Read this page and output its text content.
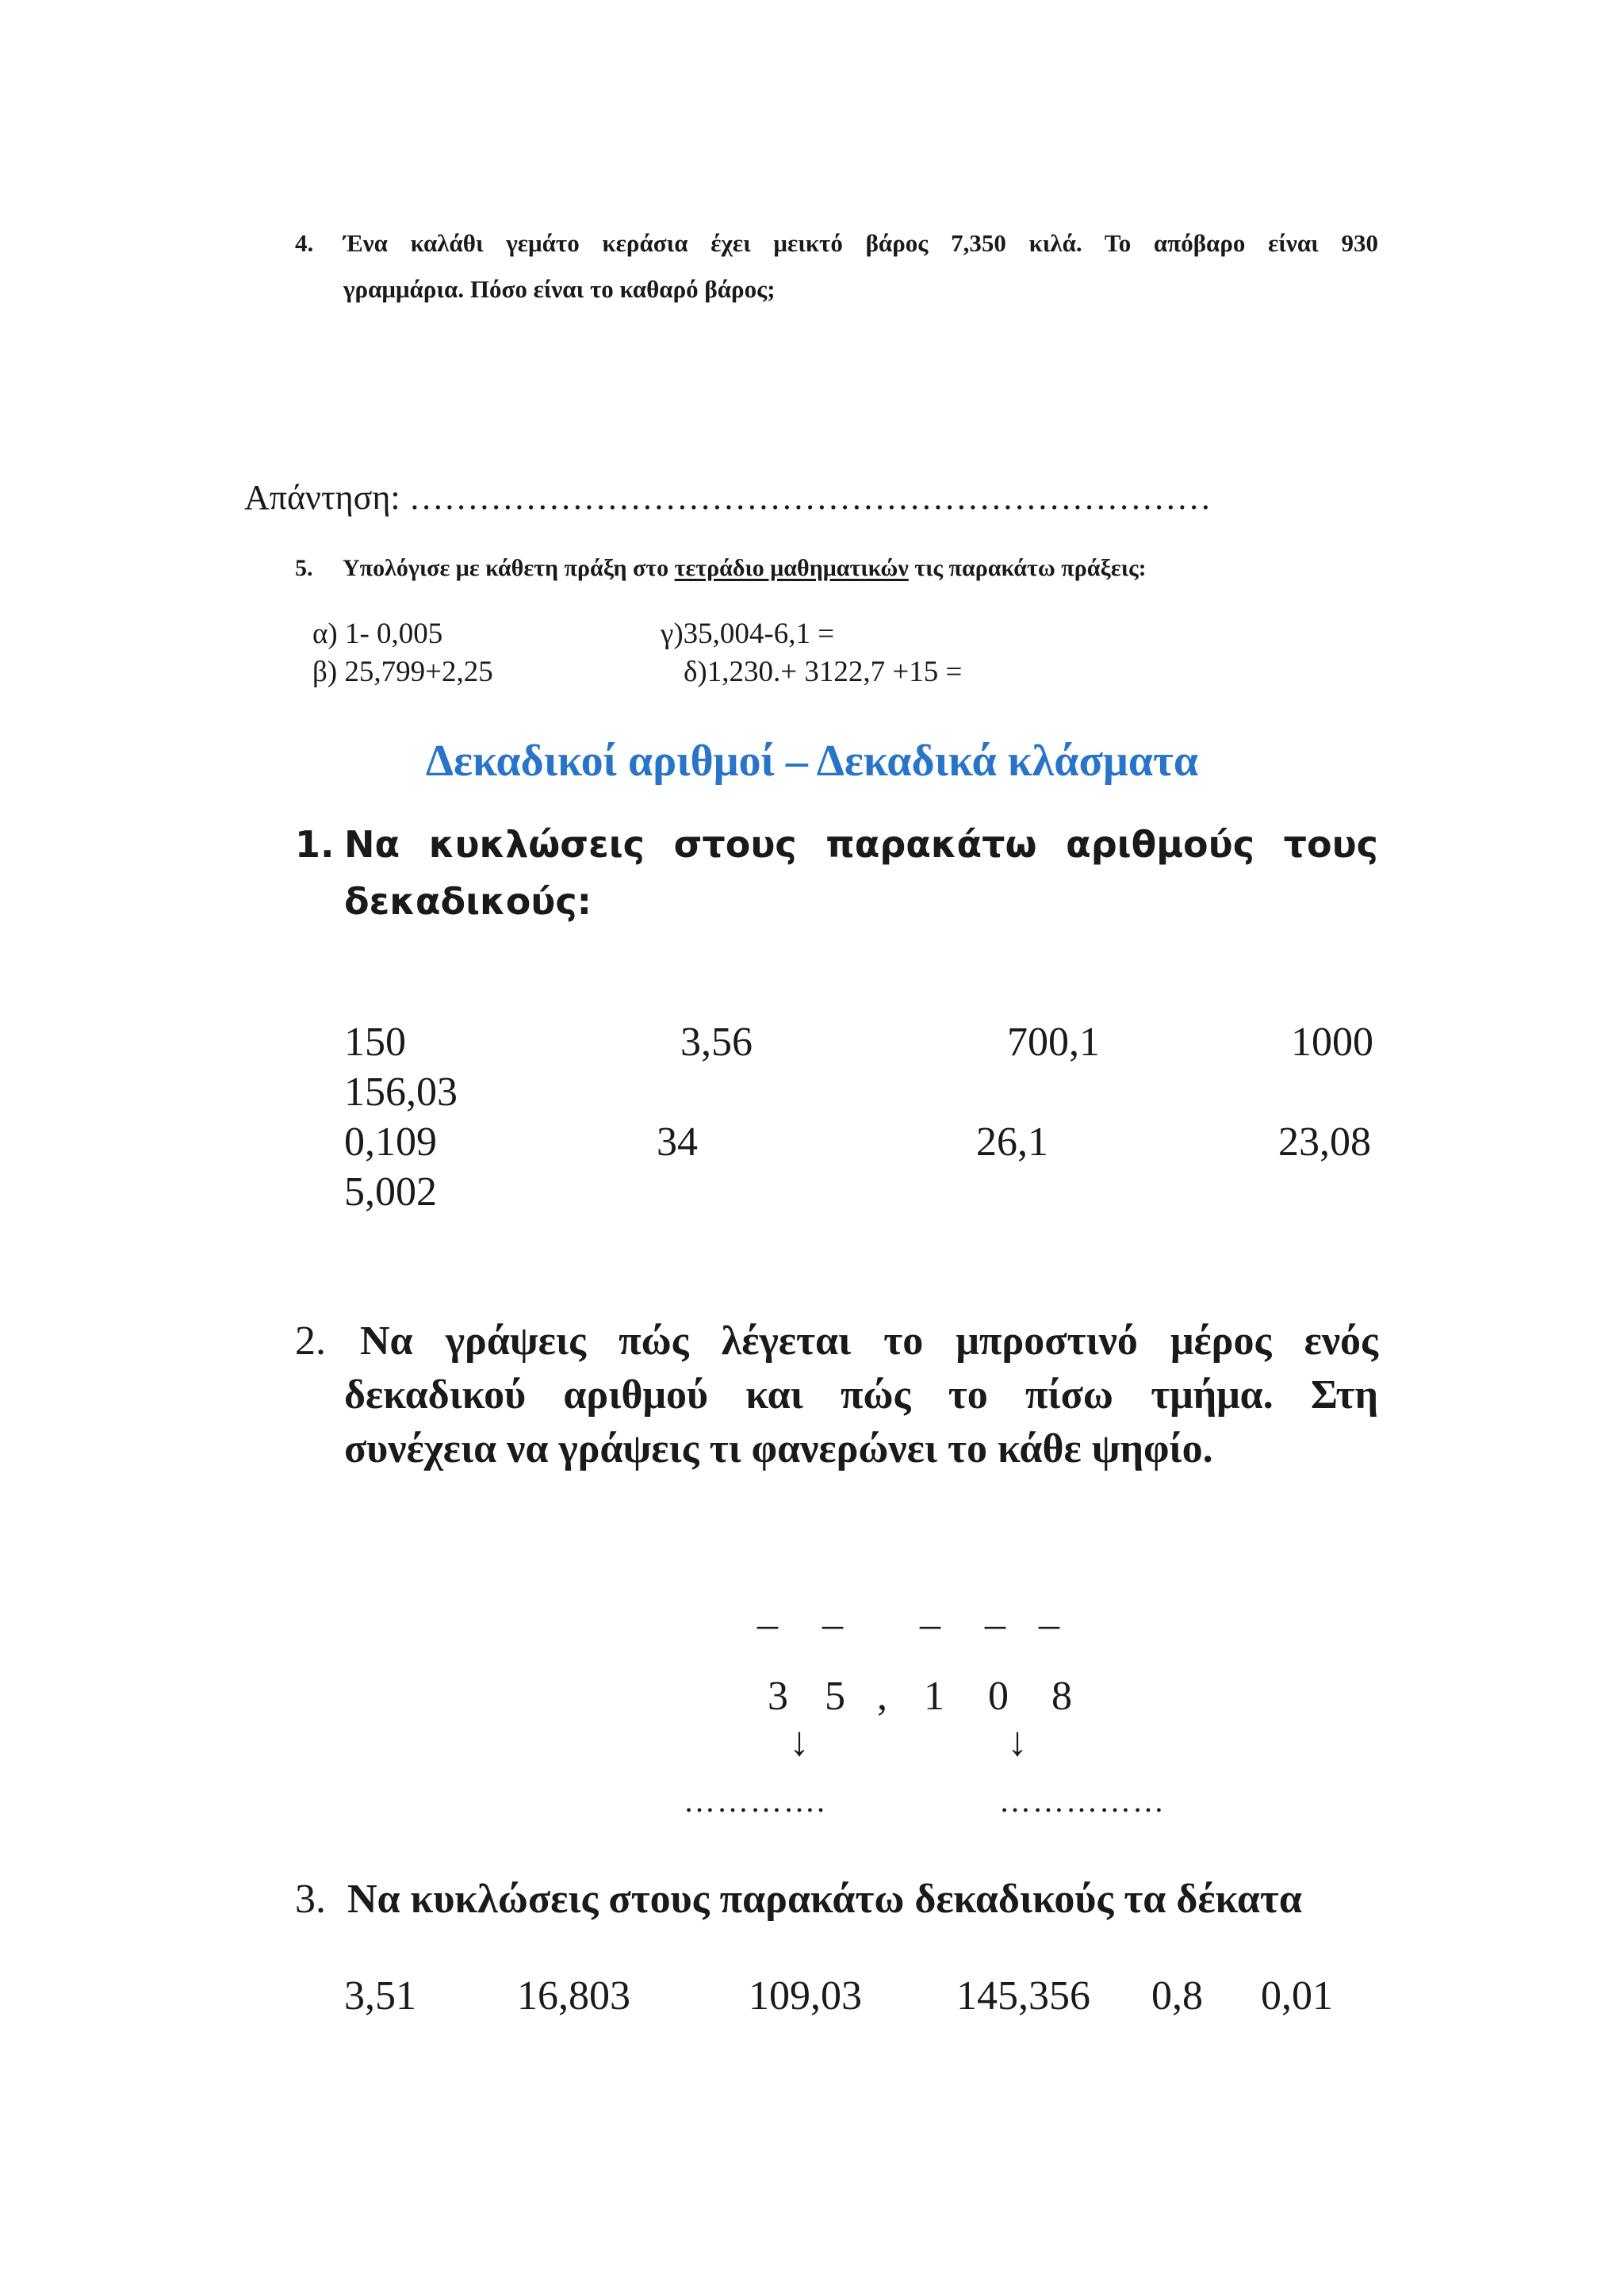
4. Ένα καλάθι γεμάτο κεράσια έχει μεικτό βάρος 7,350 κιλά. Το απόβαρο είναι 930
γραμμάρια. Πόσο είναι το καθαρό βάρος;
Απάντηση: ……………………………………………………………
5. Υπολόγισε με κάθετη πράξη στο τετράδιο μαθηματικών τις παρακάτω πράξεις:
α) 1- 0,005	γ)35,004-6,1 =
β) 25,799+2,25	δ)1,230.+ 3122,7 +15 =
Δεκαδικοί αριθμοί – Δεκαδικά κλάσματα
1. Να κυκλώσεις στους παρακάτω αριθμούς τους
δεκαδικούς:
150	3,56	700,1	1000
156,03
0,109	34	26,1	23,08
5,002
2. Να γράψεις πώς λέγεται το μπροστινό μέρος ενός
δεκαδικού αριθμού και πώς το πίσω τμήμα. Στη
συνέχεια να γράψεις τι φανερώνει το κάθε ψηφίο.
_ _ _ _ _
3 5 , 1 0 8
↓	↓
………….	……………
3. Να κυκλώσεις στους παρακάτω δεκαδικούς τα δέκατα
3,51 16,803	109,03 145,356 0,8 0,01
